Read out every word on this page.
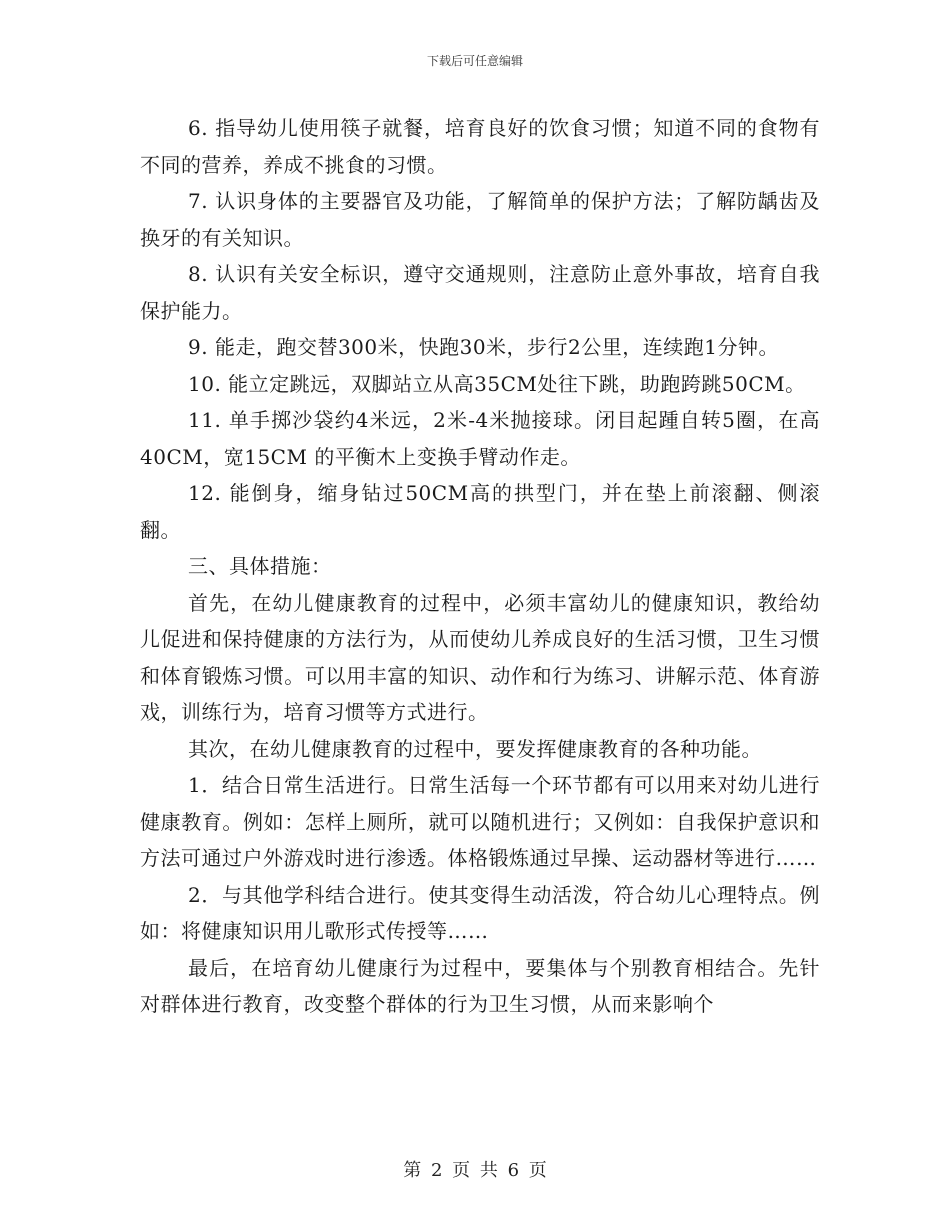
下载后可任意编辑

6. 指导幼儿使用筷子就餐，培育良好的饮食习惯；知道不同的食物有不同的营养，养成不挑食的习惯。

7. 认识身体的主要器官及功能，了解简单的保护方法；了解防龋齿及换牙的有关知识。

8. 认识有关安全标识，遵守交通规则，注意防止意外事故，培育自我保护能力。

9. 能走，跑交替300米，快跑30米，步行2公里，连续跑1分钟。

10. 能立定跳远，双脚站立从高35CM处往下跳，助跑跨跳50CM。

11. 单手掷沙袋约4米远，2米-4米抛接球。闭目起踵自转5圈，在高40CM，宽15CM 的平衡木上变换手臂动作走。

12. 能倒身，缩身钻过50CM高的拱型门，并在垫上前滚翻、侧滚翻。

三、具体措施：

首先，在幼儿健康教育的过程中，必须丰富幼儿的健康知识，教给幼儿促进和保持健康的方法行为，从而使幼儿养成良好的生活习惯，卫生习惯和体育锻炼习惯。可以用丰富的知识、动作和行为练习、讲解示范、体育游戏，训练行为，培育习惯等方式进行。

其次，在幼儿健康教育的过程中，要发挥健康教育的各种功能。

1．结合日常生活进行。日常生活每一个环节都有可以用来对幼儿进行健康教育。例如：怎样上厕所，就可以随机进行；又例如：自我保护意识和方法可通过户外游戏时进行渗透。体格锻炼通过早操、运动器材等进行……

2．与其他学科结合进行。使其变得生动活泼，符合幼儿心理特点。例如：将健康知识用儿歌形式传授等……

最后，在培育幼儿健康行为过程中，要集体与个别教育相结合。先针对群体进行教育，改变整个群体的行为卫生习惯，从而来影响个

第 2 页 共 6 页
